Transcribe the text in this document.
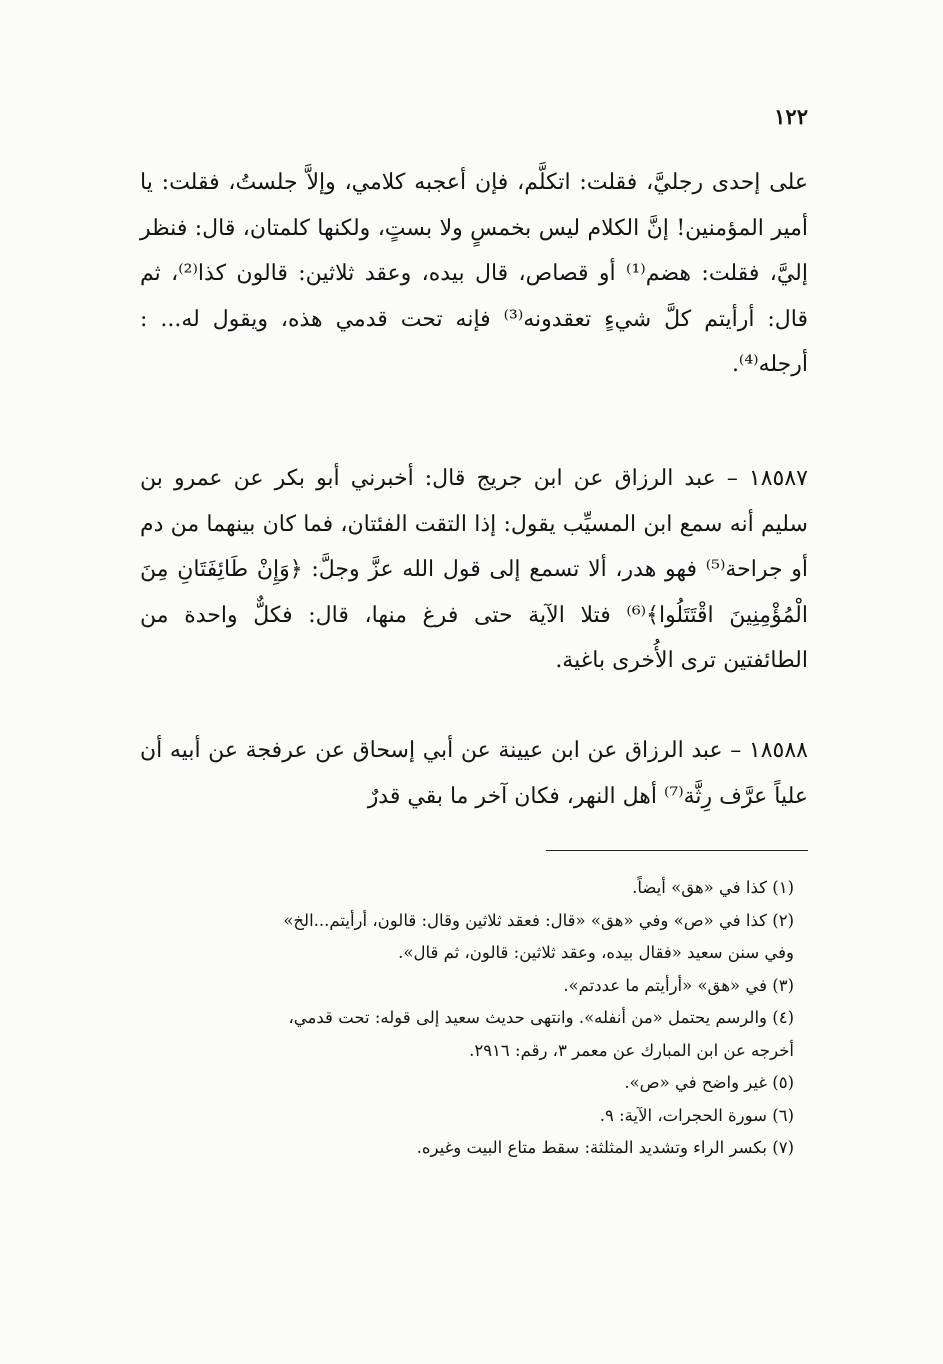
١٢٢
على إحدى رجليَّ، فقلت: اتكلَّم، فإن أعجبه كلامي، وإلاَّ جلستُ، فقلت: يا أمير المؤمنين! إنَّ الكلام ليس بخمسٍ ولا بستٍ، ولكنها كلمتان، قال: فنظر إليَّ، فقلت: هضم⁽¹⁾ أو قصاص، قال بيده، وعقد ثلاثين: قالون كذا⁽²⁾، ثم قال: أرأيتم كلَّ شيءٍ تعقدونه⁽³⁾ فإنه تحت قدمي هذه، ويقول له... : أرجله⁽⁴⁾.
١٨٥٨٧ – عبد الرزاق عن ابن جريج قال: أخبرني أبو بكر عن عمرو بن سليم أنه سمع ابن المسيِّب يقول: إذا التقت الفئتان، فما كان بينهما من دم أو جراحة⁽⁵⁾ فهو هدر، ألا تسمع إلى قول الله عزَّ وجلَّ: ﴿وَإِنْ طَائِفَتَانِ مِنَ الْمُؤْمِنِينَ اقْتَتَلُوا﴾⁽⁶⁾ فتلا الآية حتى فرغ منها، قال: فكلٌّ واحدة من الطائفتين ترى الأُخرى باغية.
١٨٥٨٨ – عبد الرزاق عن ابن عيينة عن أبي إسحاق عن عرفجة عن أبيه أن علياً عرَّف رِثَّة⁽⁷⁾ أهل النهر، فكان آخر ما بقي قدرٌ

(١) كذا في «هق» أيضاً.

(٢) كذا في «ص» وفي «هق» «قال: فعقد ثلاثين وقال: قالون، أرأيتم...الخ»
وفي سنن سعيد «فقال بيده، وعقد ثلاثين: قالون، ثم قال».

(٣) في «هق» «أرأيتم ما عددتم».

(٤) والرسم يحتمل «من أنفله». وانتهى حديث سعيد إلى قوله: تحت قدمي،
أخرجه عن ابن المبارك عن معمر ٣، رقم: ٢٩١٦.

(٥) غير واضح في «ص».

(٦) سورة الحجرات، الآية: ٩.

(٧) بكسر الراء وتشديد المثلثة: سقط متاع البيت وغيره.
